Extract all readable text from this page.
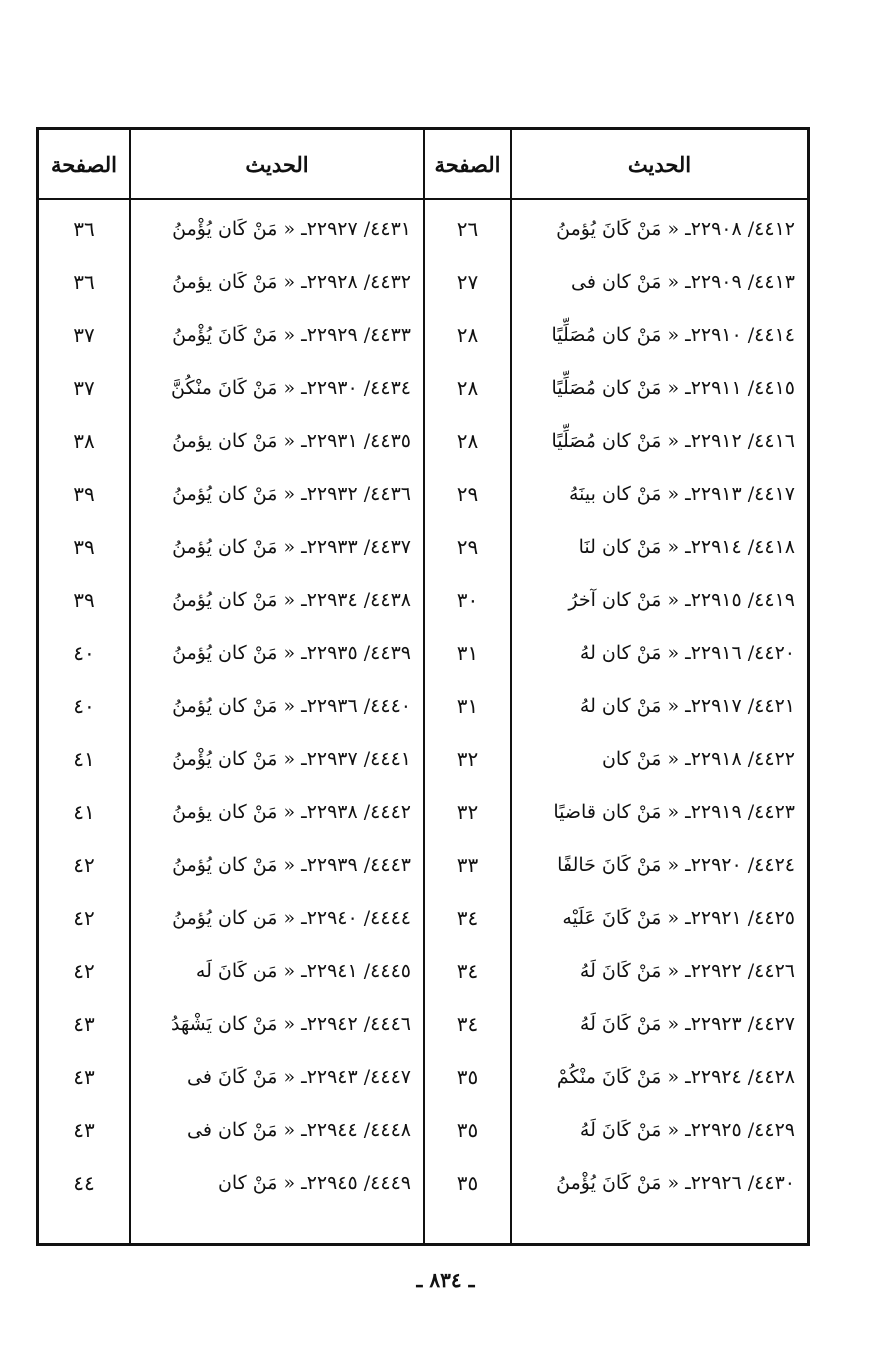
الحديث
الصفحة
الحديث
الصفحة
٤٤١٢/ ٢٢٩٠٨ـ « مَنْ كَانَ يُؤمنُ
٢٦
٤٤١٣/ ٢٢٩٠٩ـ « مَنْ كان فى
٢٧
٤٤١٤/ ٢٢٩١٠ـ « مَنْ كان مُصَلِّيًا
٢٨
٤٤١٥/ ٢٢٩١١ـ « مَنْ كان مُصَلِّيًا
٢٨
٤٤١٦/ ٢٢٩١٢ـ « مَنْ كان مُصَلِّيًا
٢٨
٤٤١٧/ ٢٢٩١٣ـ « مَنْ كان بينَهُ
٢٩
٤٤١٨/ ٢٢٩١٤ـ « مَنْ كان لنَا
٢٩
٤٤١٩/ ٢٢٩١٥ـ « مَنْ كان آخرُ
٣٠
٤٤٢٠/ ٢٢٩١٦ـ « مَنْ كان لهُ
٣١
٤٤٢١/ ٢٢٩١٧ـ « مَنْ كان لهُ
٣١
٤٤٢٢/ ٢٢٩١٨ـ « مَنْ كان
٣٢
٤٤٢٣/ ٢٢٩١٩ـ « مَنْ كان قاضيًا
٣٢
٤٤٢٤/ ٢٢٩٢٠ـ « مَنْ كَانَ حَالفًا
٣٣
٤٤٢٥/ ٢٢٩٢١ـ « مَنْ كَانَ عَلَيْه
٣٤
٤٤٢٦/ ٢٢٩٢٢ـ « مَنْ كَانَ لَهُ
٣٤
٤٤٢٧/ ٢٢٩٢٣ـ « مَنْ كَانَ لَهُ
٣٤
٤٤٢٨/ ٢٢٩٢٤ـ « مَنْ كَانَ منْكُمْ
٣٥
٤٤٢٩/ ٢٢٩٢٥ـ « مَنْ كَانَ لَهُ
٣٥
٤٤٣٠/ ٢٢٩٢٦ـ « مَنْ كَانَ يُؤْمنُ
٣٥
٤٤٣١/ ٢٢٩٢٧ـ « مَنْ كَان يُؤْمنُ
٣٦
٤٤٣٢/ ٢٢٩٢٨ـ « مَنْ كَان يؤمنُ
٣٦
٤٤٣٣/ ٢٢٩٢٩ـ « مَنْ كَانَ يُؤْمنُ
٣٧
٤٤٣٤/ ٢٢٩٣٠ـ « مَنْ كَانَ منْكُنَّ
٣٧
٤٤٣٥/ ٢٢٩٣١ـ « مَنْ كان يؤمنُ
٣٨
٤٤٣٦/ ٢٢٩٣٢ـ « مَنْ كان يُؤمنُ
٣٩
٤٤٣٧/ ٢٢٩٣٣ـ « مَنْ كان يُؤمنُ
٣٩
٤٤٣٨/ ٢٢٩٣٤ـ « مَنْ كان يُؤمنُ
٣٩
٤٤٣٩/ ٢٢٩٣٥ـ « مَنْ كان يُؤمنُ
٤٠
٤٤٤٠/ ٢٢٩٣٦ـ « مَنْ كان يُؤمنُ
٤٠
٤٤٤١/ ٢٢٩٣٧ـ « مَنْ كان يُؤْمنُ
٤١
٤٤٤٢/ ٢٢٩٣٨ـ « مَنْ كان يؤمنُ
٤١
٤٤٤٣/ ٢٢٩٣٩ـ « مَنْ كان يُؤمنُ
٤٢
٤٤٤٤/ ٢٢٩٤٠ـ « مَن كان يُؤمنُ
٤٢
٤٤٤٥/ ٢٢٩٤١ـ « مَن كَانَ لَه
٤٢
٤٤٤٦/ ٢٢٩٤٢ـ « مَنْ كان يَشْهَدُ
٤٣
٤٤٤٧/ ٢٢٩٤٣ـ « مَنْ كَانَ فى
٤٣
٤٤٤٨/ ٢٢٩٤٤ـ « مَنْ كان فى
٤٣
٤٤٤٩/ ٢٢٩٤٥ـ « مَنْ كان
٤٤
ـ ٨٣٤ ـ
